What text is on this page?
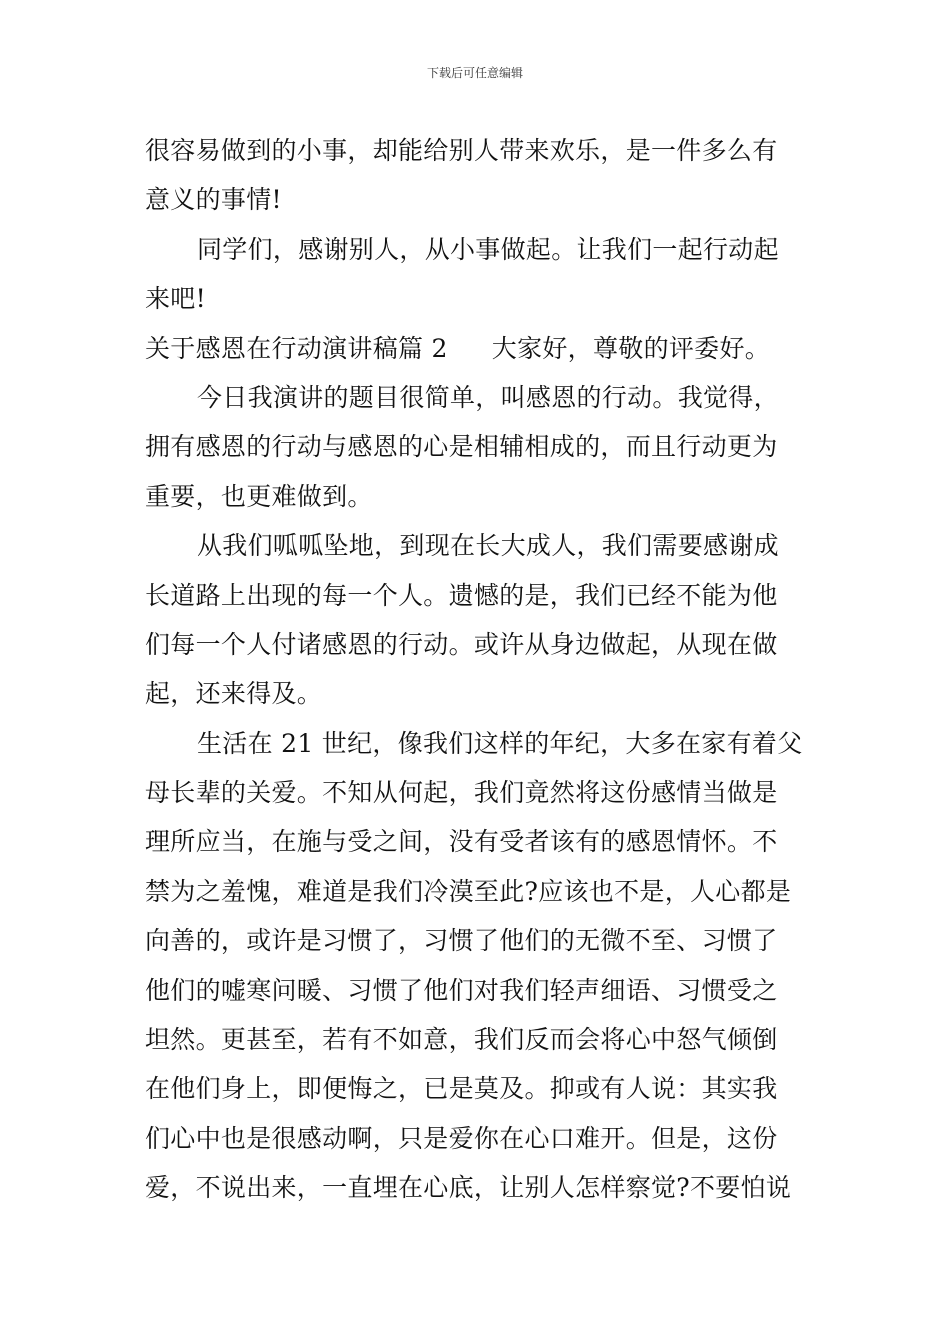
下载后可任意编辑
很容易做到的小事，却能给别人带来欢乐，是一件多么有
意义的事情!
同学们，感谢别人，从小事做起。让我们一起行动起
来吧!
关于感恩在行动演讲稿篇 2 大家好，尊敬的评委好。
今日我演讲的题目很简单，叫感恩的行动。我觉得，
拥有感恩的行动与感恩的心是相辅相成的，而且行动更为
重要，也更难做到。
从我们呱呱坠地，到现在长大成人，我们需要感谢成
长道路上出现的每一个人。遗憾的是，我们已经不能为他
们每一个人付诸感恩的行动。或许从身边做起，从现在做
起，还来得及。
生活在 21 世纪，像我们这样的年纪，大多在家有着父
母长辈的关爱。不知从何起，我们竟然将这份感情当做是
理所应当，在施与受之间，没有受者该有的感恩情怀。不
禁为之羞愧，难道是我们冷漠至此?应该也不是，人心都是
向善的，或许是习惯了，习惯了他们的无微不至、习惯了
他们的嘘寒问暖、习惯了他们对我们轻声细语、习惯受之
坦然。更甚至，若有不如意，我们反而会将心中怒气倾倒
在他们身上，即便悔之，已是莫及。抑或有人说：其实我
们心中也是很感动啊，只是爱你在心口难开。但是，这份
爱，不说出来，一直埋在心底，让别人怎样察觉?不要怕说
